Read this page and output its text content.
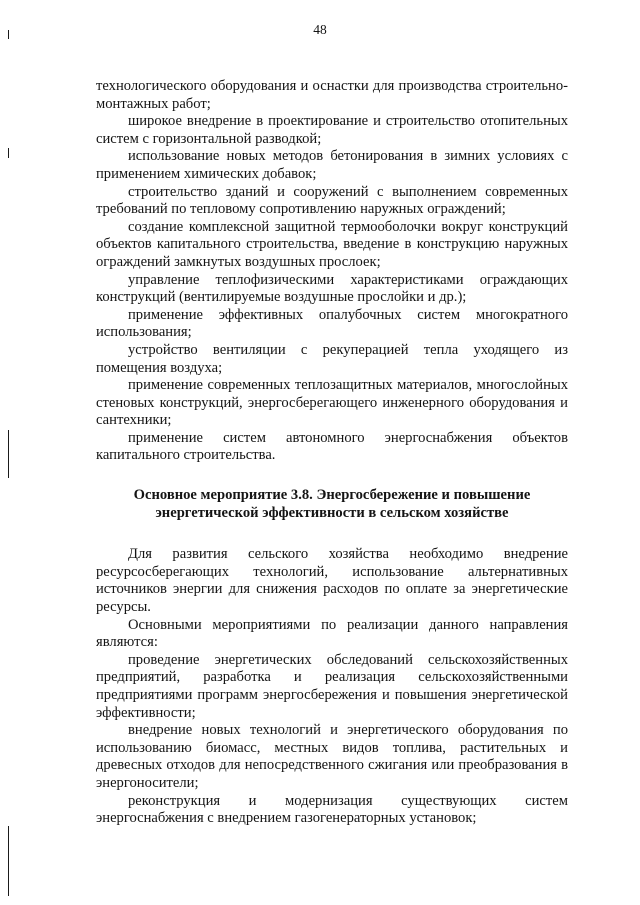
48

технологического оборудования и оснастки для производства строительно-монтажных работ;

широкое внедрение в проектирование и строительство отопительных систем с горизонтальной разводкой;

использование новых методов бетонирования в зимних условиях с применением химических добавок;

строительство зданий и сооружений с выполнением современных требований по тепловому сопротивлению наружных ограждений;

создание комплексной защитной термооболочки вокруг конструкций объектов капитального строительства, введение в конструкцию наружных ограждений замкнутых воздушных прослоек;

управление теплофизическими характеристиками ограждающих конструкций (вентилируемые воздушные прослойки и др.);

применение эффективных опалубочных систем многократного использования;

устройство вентиляции с рекуперацией тепла уходящего из помещения воздуха;

применение современных теплозащитных материалов, многослойных стеновых конструкций, энергосберегающего инженерного оборудования и сантехники;

применение систем автономного энергоснабжения объектов капитального строительства.

Основное мероприятие 3.8. Энергосбережение и повышение энергетической эффективности в сельском хозяйстве

Для развития сельского хозяйства необходимо внедрение ресурсосберегающих технологий, использование альтернативных источников энергии для снижения расходов по оплате за энергетические ресурсы.

Основными мероприятиями по реализации данного направления являются:

проведение энергетических обследований сельскохозяйственных предприятий, разработка и реализация сельскохозяйственными предприятиями программ энергосбережения и повышения энергетической эффективности;

внедрение новых технологий и энергетического оборудования по использованию биомасс, местных видов топлива, растительных и древесных отходов для непосредственного сжигания или преобразования в энергоносители;

реконструкция и модернизация существующих систем энергоснабжения с внедрением газогенераторных установок;
